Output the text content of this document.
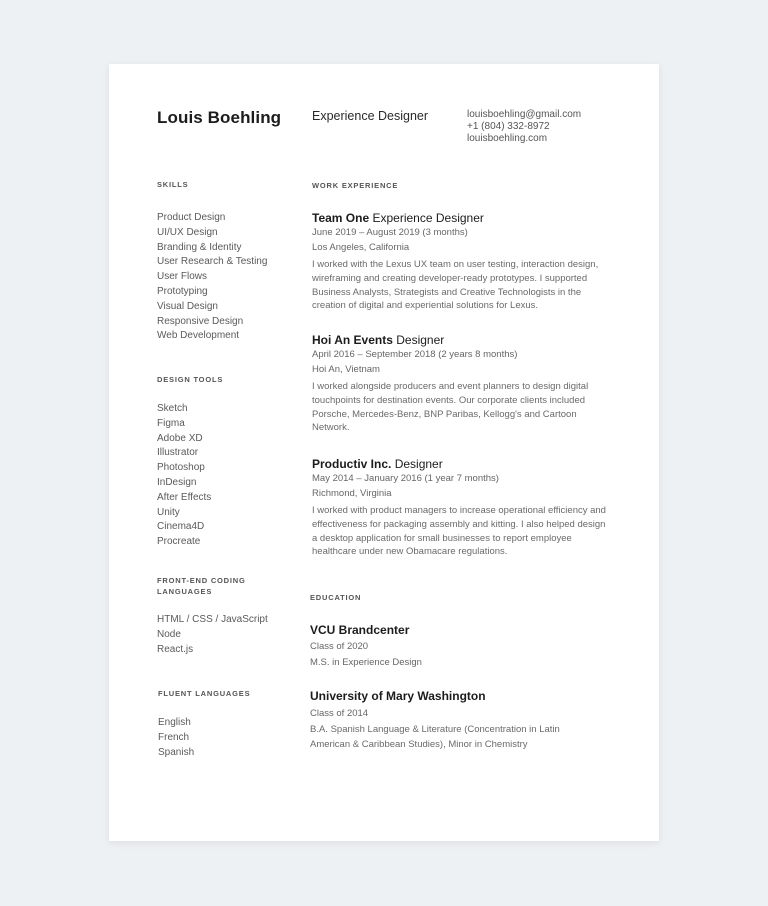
Louis Boehling Experience Designer	louisboehling@gmail.com
+1 (804) 332-8972
louisboehling.com
SKILLS
Product Design
UI/UX Design
Branding & Identity
User Research & Testing
User Flows
Prototyping
Visual Design
Responsive Design
Web Development
DESIGN TOOLS
Sketch
Figma
Adobe XD
Illustrator
Photoshop
InDesign
After Effects
Unity
Cinema4D
Procreate
FRONT-END CODING LANGUAGES
HTML / CSS / JavaScript
Node
React.js
FLUENT LANGUAGES
English
French
Spanish
WORK EXPERIENCE
Team One Experience Designer
June 2019 – August 2019 (3 months)
Los Angeles, California
I worked with the Lexus UX team on user testing, interaction design, wireframing and creating developer-ready prototypes. I supported Business Analysts, Strategists and Creative Technologists in the creation of digital and experiential solutions for Lexus.
Hoi An Events Designer
April 2016 – September 2018 (2 years 8 months)
Hoi An, Vietnam
I worked alongside producers and event planners to design digital touchpoints for destination events. Our corporate clients included Porsche, Mercedes-Benz, BNP Paribas, Kellogg's and Cartoon Network.
Productiv Inc. Designer
May 2014 – January 2016 (1 year 7 months)
Richmond, Virginia
I worked with product managers to increase operational efficiency and effectiveness for packaging assembly and kitting. I also helped design a desktop application for small businesses to report employee healthcare under new Obamacare regulations.
EDUCATION
VCU Brandcenter
Class of 2020
M.S. in Experience Design
University of Mary Washington
Class of 2014
B.A. Spanish Language & Literature (Concentration in Latin American & Caribbean Studies), Minor in Chemistry
